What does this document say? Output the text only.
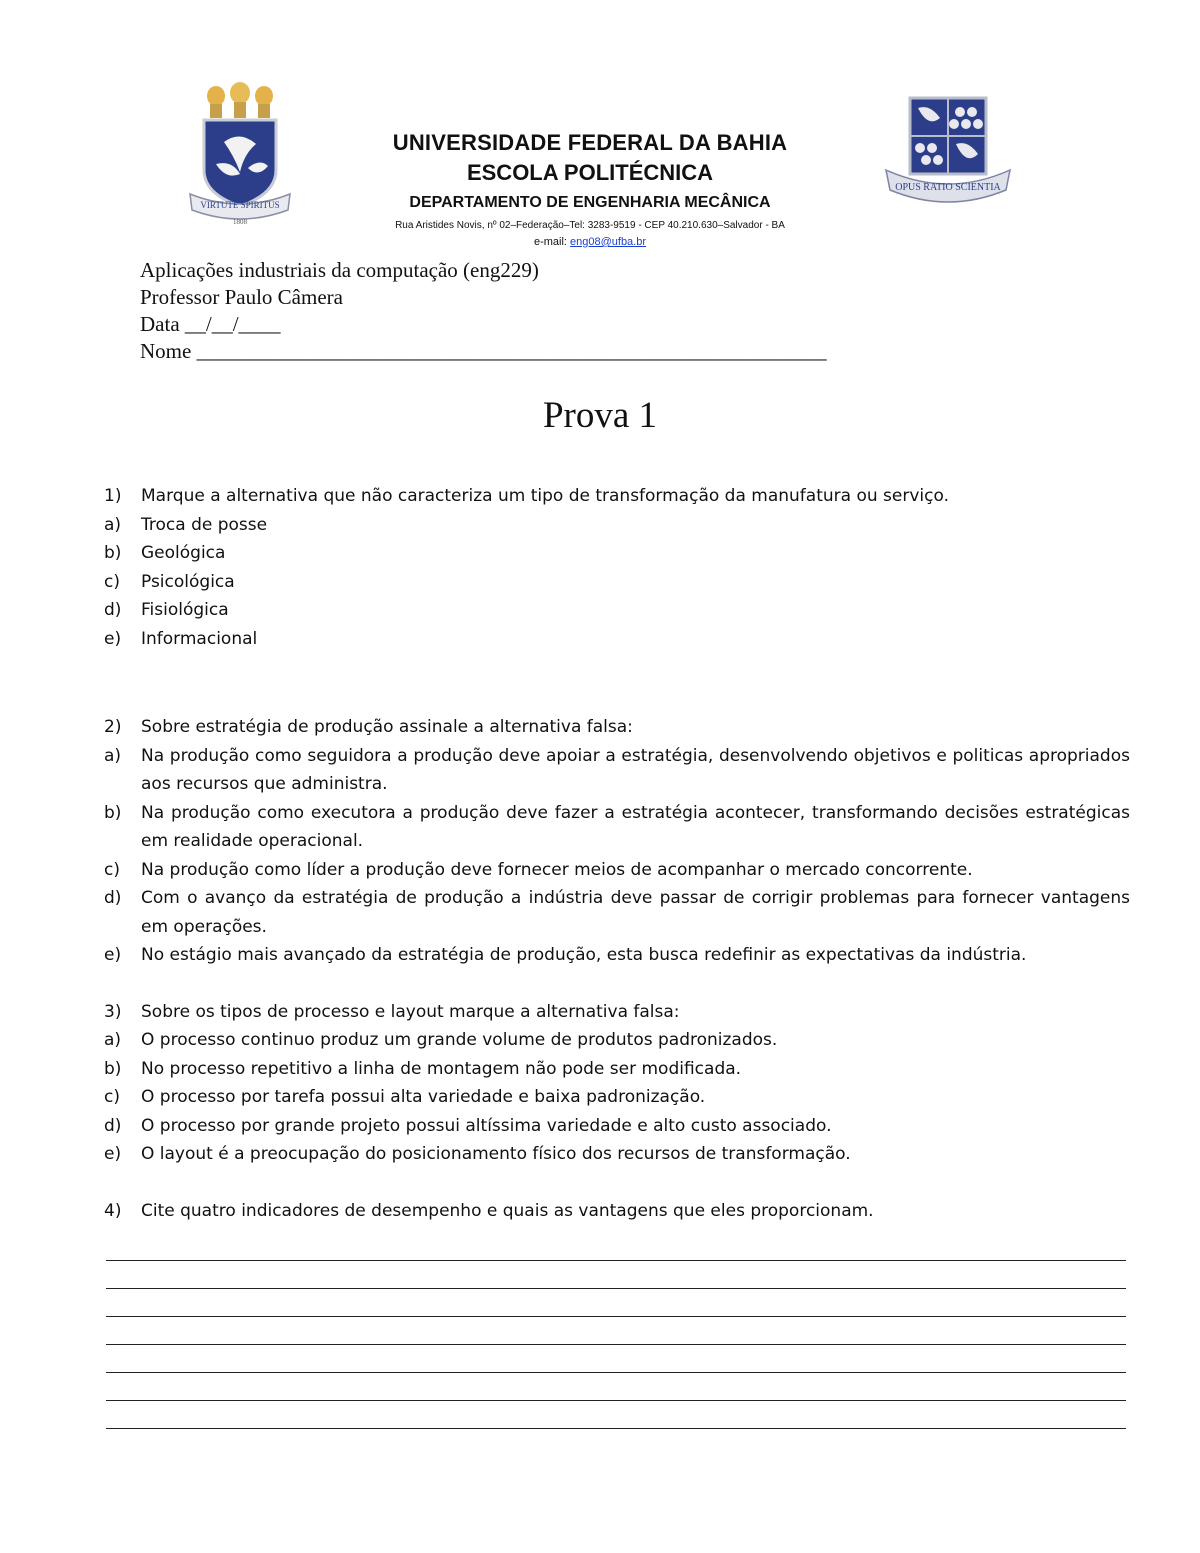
VIRTUTE SPIRITUS
1808
OPUS RATIO SCIENTIA
UNIVERSIDADE FEDERAL DA BAHIA
ESCOLA POLITÉCNICA
DEPARTAMENTO DE ENGENHARIA MECÂNICA
Rua Aristides Novis, nº 02–Federação–Tel: 3283-9519 - CEP 40.210.630–Salvador - BA
e-mail: eng08@ufba.br
Aplicações industriais da computação (eng229)
Professor Paulo Câmera
Data __/__/____
Nome ____________________________________________________________
Prova 1
1)	Marque a alternativa que não caracteriza um tipo de transformação da manufatura ou serviço.
a)	Troca de posse
b)	Geológica
c)	Psicológica
d)	Fisiológica
e)	Informacional
2)	Sobre estratégia de produção assinale a alternativa falsa:
a)	Na produção como seguidora a produção deve apoiar a estratégia, desenvolvendo objetivos e politicas apropriados aos recursos que administra.
b)	Na produção como executora a produção deve fazer a estratégia acontecer, transformando decisões estratégicas em realidade operacional.
c)	Na produção como líder a produção deve fornecer meios de acompanhar o mercado concorrente.
d)	Com o avanço da estratégia de produção a indústria deve passar de corrigir problemas para fornecer vantagens em operações.
e)	No estágio mais avançado da estratégia de produção, esta busca redefinir as expectativas da indústria.
3)	Sobre os tipos de processo e layout marque a alternativa falsa:
a)	O processo continuo produz um grande volume de produtos padronizados.
b)	No processo repetitivo a linha de montagem não pode ser modificada.
c)	O processo por tarefa possui alta variedade e baixa padronização.
d)	O processo por grande projeto possui altíssima variedade e alto custo associado.
e)	O layout é a preocupação do posicionamento físico dos recursos de transformação.
4)	Cite quatro indicadores de desempenho e quais as vantagens que eles proporcionam.
